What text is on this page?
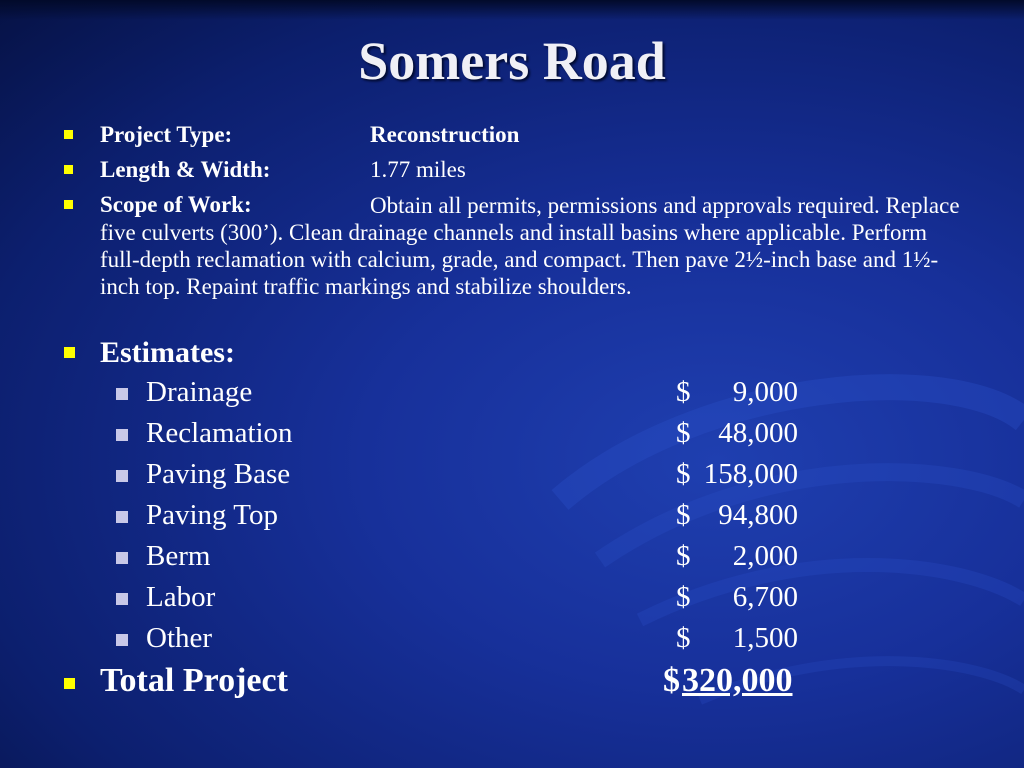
Somers Road
Project Type:	Reconstruction
Length & Width:	1.77 miles
Scope of Work:	Obtain all permits, permissions and approvals required. Replace five culverts (300’). Clean drainage channels and install basins where applicable. Perform full-depth reclamation with calcium, grade, and compact. Then pave 2½-inch base and 1½-inch top. Repaint traffic markings and stabilize shoulders.
Estimates:
Drainage	$	9,000
Reclamation	$ 48,000
Paving Base	$ 158,000
Paving Top	$ 94,800
Berm	$	2,000
Labor	$	6,700
Other	$	1,500
Total Project	$ 320,000
